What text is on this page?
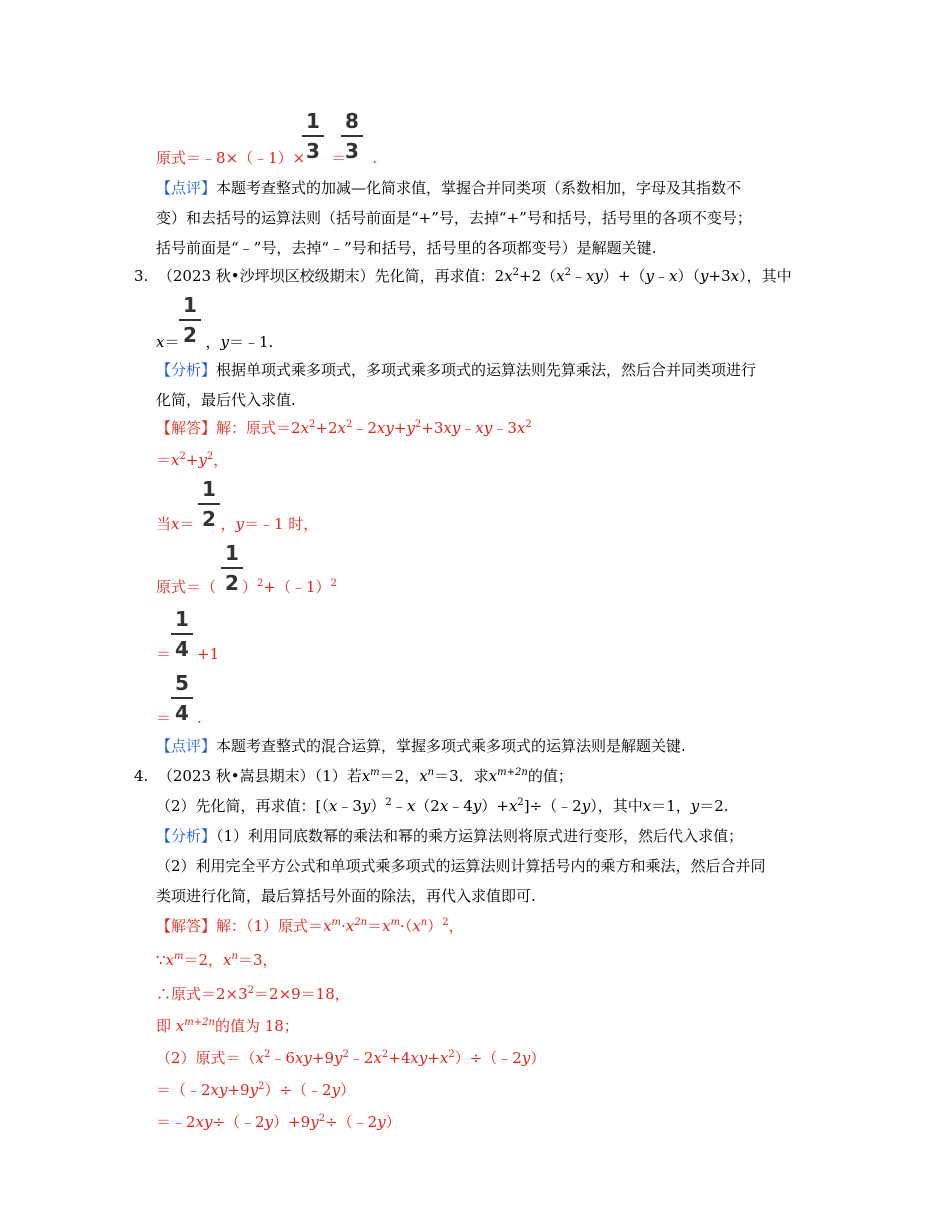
1
3
8
3
原式＝﹣8×（﹣1）× ＝ .
【点评】本题考查整式的加减—化简求值，掌握合并同类项（系数相加，字母及其指数不
变）和去括号的运算法则（括号前面是“+”号，去掉“+”号和括号，括号里的各项不变号；
括号前面是“﹣”号，去掉“﹣”号和括号，括号里的各项都变号）是解题关键.
3. （2023 秋•沙坪坝区校级期末）先化简，再求值：$2x^2+2(x^2﹣xy)+(y﹣x)(y+3x)$，其中
1
2
x＝ ，y＝﹣1.
【分析】根据单项式乘多项式，多项式乘多项式的运算法则先算乘法，然后合并同类项进行
化简，最后代入求值.
【解答】解：原式$=2x^2+2x^2﹣2xy+y^2+3xy﹣xy﹣3x^2$
$=x^2+y^2$，
1
2
当x＝ ，y＝﹣1 时，
1
2
原式＝（ ）$^2$+（﹣1）$^2$
1
4
＝ +1
5
4
＝ .
【点评】本题考查整式的混合运算，掌握多项式乘多项式的运算法则是解题关键.
4. （2023 秋•嵩县期末）（1）若$x^m=2$，$x^n=3$．求$x^{m+2n}$的值；
（2）先化简，再求值：$[(x﹣3y)^2﹣x(2x﹣4y)+x^2]\div(﹣2y)$，其中x＝1，y＝2.
【分析】（1）利用同底数幂的乘法和幂的乘方运算法则将原式进行变形，然后代入求值；
（2）利用完全平方公式和单项式乘多项式的运算法则计算括号内的乘方和乘法，然后合并同
类项进行化简，最后算括号外面的除法，再代入求值即可.
【解答】解：（1）原式$=x^m\cdot x^{2n}=x^m\cdot(x^n)^2$，
$\because x^m=2$，$x^n=3$，
∴原式$=2\times 3^2=2\times 9=18$，
即 $x^{m+2n}$的值为 18；
（2）原式$=(x^2﹣6xy+9y^2﹣2x^2+4xy+x^2)\div(﹣2y)$
$=(﹣2xy+9y^2)\div(﹣2y)$
$=﹣2xy\div(﹣2y)+9y^2\div(﹣2y)$
